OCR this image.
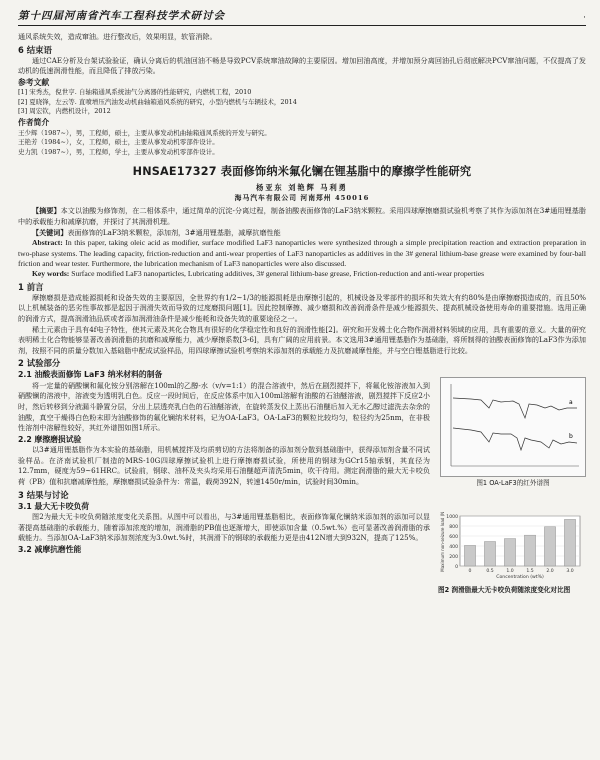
第十四届河南省汽车工程科技学术研讨会	·

通风系统失效，造成窜油。进行整改后，效果明显，软管消除。

6 结束语

通过CAE分析及台架试验验证，确认分离后的机油回油不畅是导致PCV系统窜油故障的主要原因。增加回油高度，并增加预分离回油孔后彻底解决PCV窜油问题，不仅提高了发动机的低速润滑性能，而且降低了排放污染。

参考文献
[1] 宋秀杰，倪世亨. 自轴箱通风系统油气分离器的性能研究，内燃机工程，2010
[2] 夏晓锋，左云等. 直喷增压汽油发动机曲轴箱通风系统的研究，小型内燃机与车辆技术，2014
[3] 周宏钦，内燃机设计，2012
作者简介
王少辉（1987~），男，工程师，硕士，主要从事发动机曲轴箱通风系统的开发与研究。
王艳芳（1984~），女，工程师，硕士，主要从事发动机零部件设计。
史力凯（1987~），男，工程师，学士，主要从事发动机零部件设计。
HNSAE17327 表面修饰纳米氟化镧在锂基脂中的摩擦学性能研究
杨亚东 刘艳辉 马利勇
海马汽车有限公司 河南郑州 450016

【摘要】本文以油酸为修饰剂，在二相体系中，通过简单的沉淀-分离过程，制备油酸表面修饰的LaF3纳米颗粒。采用四球摩擦磨损试验机考察了其作为添加剂在3#通用锂基脂中的承载能力和减摩抗磨，并探讨了其润滑机理。

【关键词】表面修饰的LaF3纳米颗粒，添加剂，3#通用锂基脂，减摩抗磨性能

Abstract: In this paper, taking oleic acid as modifier, surface modified LaF3 nanoparticles were synthesized through a simple precipitation reaction and extraction preparation in two-phase systems. The leading capacity, friction-reduction and anti-wear properties of LaF3 nanoparticles as additives in the 3# general lithium-base grease were examined by four-ball friction and wear tester. Furthermore, the lubrication mechanism of LaF3 nanoparticles were also discussed.

Key words: Surface modified LaF3 nanoparticles, Lubricating additives, 3# general lithium-base grease, Friction-reduction and anti-wear properties

1 前言

摩擦磨损是造成能源损耗和设备失效的主要原因，全世界约有1/2~1/3的能源损耗是由摩擦引起的，机械设备及零部件的损坏和失效大有约80%是由摩擦磨损造成的，而且50%以上机械装备的恶劣性事故都是起因于润滑失效而导致的过度磨损问题[1]。因此控制摩擦、减少磨损和改善润滑条件是减少能源损失、提高机械设备使用寿命的重要措施。选用正确的润滑方式，提高润滑油品质或者添加润滑油条件是减少能耗和设备失效的重要途径之一。

稀土元素由于具有4f电子特性，使其元素及其化合物具有很好的化学稳定性和良好的润滑性能[2]。研究和开发稀土化合物作润滑材料领域的应用，具有重要的意义。大量的研究表明稀土化合物能够显著改善润滑脂的抗磨和减摩能力，减少摩擦系数[3-6]，具有广阔的应用前景。本文选用3#通用锂基脂作为基础脂，将所制得的油酸表面修饰的LaF3作为添加剂，按照不同的质量分数加入基础脂中配成试验样品，用四球摩擦试验机考察纳米添加剂的承载能力及抗磨减摩性能，并与空白锂基脂进行比较。

2 试验部分
2.1 油酸表面修饰 LaF3 纳米材料的制备

将一定量的硝酸镧和氟化铵分别溶解在100ml的乙醇-水（v/v=1:1）的混合溶液中，然后在剧烈搅拌下，将氟化铵溶液加入到硝酸镧的溶液中，溶液变为透明乳白色。反应一段时间后，在反应体系中加入100ml溶解有油酸的石油醚溶液，剧烈搅拌下反应2小时，然后转移到分液漏斗静置分层，分出上层透亮乳白色的石油醚溶液，在旋转蒸发仪上蒸出石油醚后加入无水乙醇过滤洗去杂余的油酸，真空干燥得白色粉末即为油酸修饰的氟化镧纳米材料，记为OA-LaF3。OA-LaF3的颗粒比较均匀，粒径约为25nm，在非极性溶剂中溶解性较好，其红外谱图如图1所示。

2.2 摩擦磨损试验

以3#通用锂基脂作为本实验的基础脂，用机械搅拌及均质剪切的方法将制备的添加剂分散到基础脂中，获得添加剂含量不同试验样品。在济南试验机厂制造的MRS-10G四球摩擦试验机上进行摩擦磨损试验，所使用的钢球为GCr15轴承钢，其直径为12.7mm，硬度为59~61HRC。试验前，钢球、油杯及夹头均采用石油醚超声清洗5min，吹干待用。测定润滑脂的最大无卡咬负荷（PB）值和抗磨减摩性能，摩擦磨损试验条件为：常温，载荷392N，转速1450r/min，试验时间30min。

3 结果与讨论
3.1 最大无卡咬负荷
a
b
图1 OA-LaF3的红外谱图

图2为最大无卡咬负荷随浓度变化关系图。从图中可以看出，与3#通用锂基脂相比，表面修饰氟化镧纳米添加剂的添加可以显著提高基础脂的承载能力，随着添加浓度的增加，润滑脂的PB值也逐渐增大，即使添加含量（0.5wt.%）也可显著改善润滑脂的承载能力。当添加OA-LaF3纳米添加剂浓度为3.0wt.%时，其润滑下的钢球的承载能力更是由412N增大到932N，提高了125%。

3.2 减摩抗磨性能
0
200
400
600
800
1000
0	0.5	1.0	1.5	2.0	3.0
Concentration (wt%)
Maximum non-seizure load (N)
图2 润滑脂最大无卡咬负荷随浓度变化对比图
